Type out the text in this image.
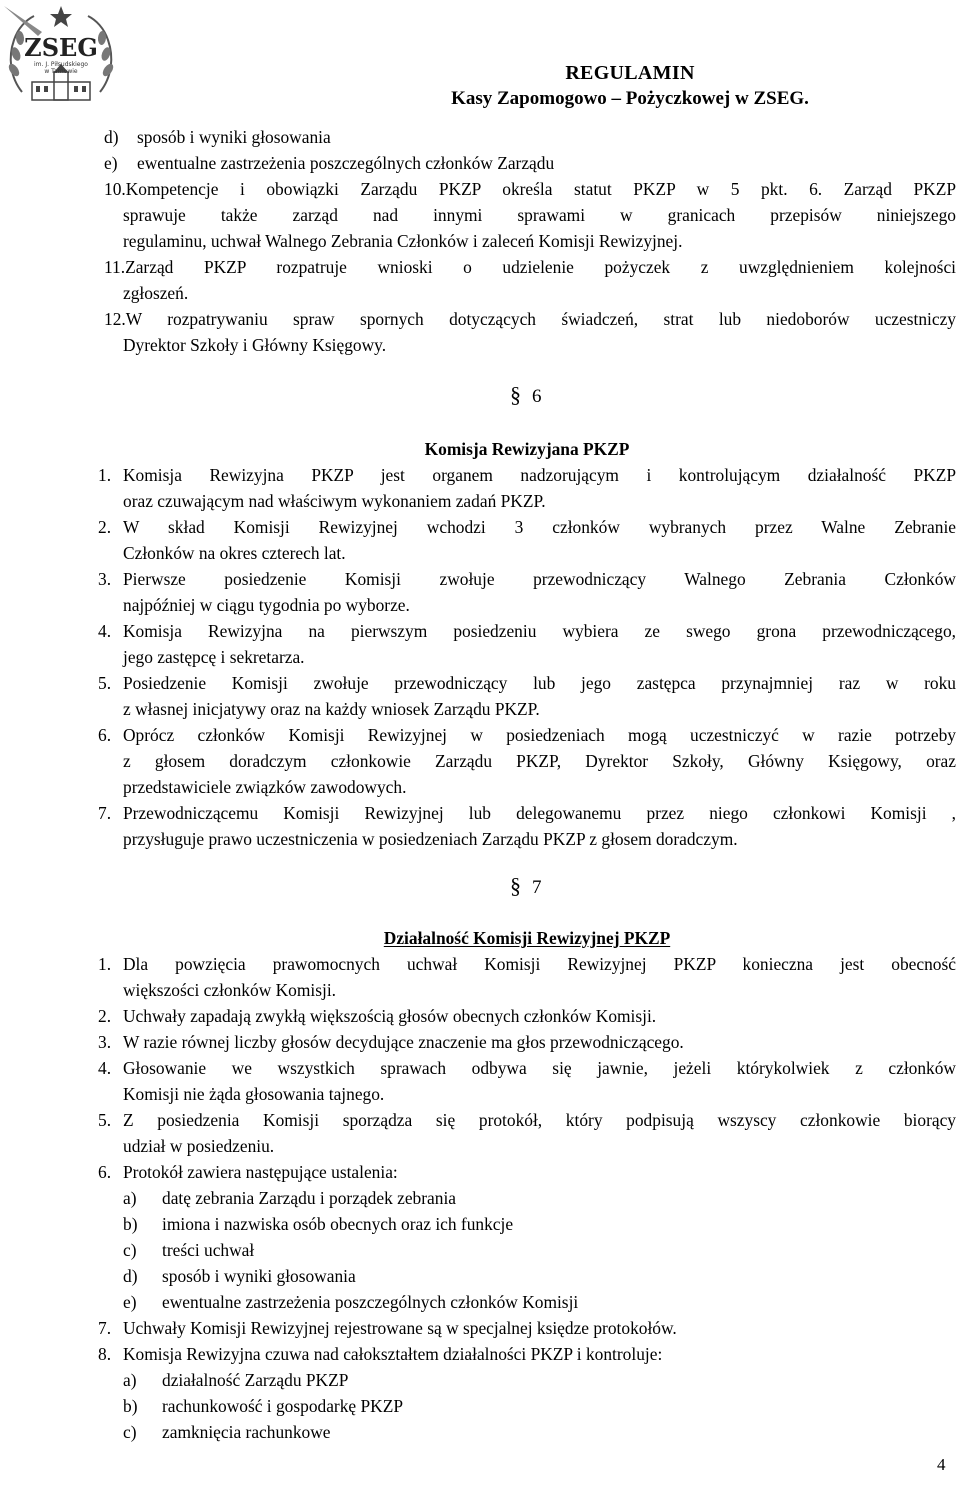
ZSEG
im. J. Piłsudskiego
w Tarnowie	REGULAMIN
Kasy Zapomogowo – Pożyczkowej w ZSEG.
d) sposób i wyniki głosowania
e) ewentualne zastrzeżenia poszczególnych członków Zarządu
10.Kompetencje i obowiązki Zarządu PKZP określa statut PKZP w 5 pkt. 6. Zarząd PKZP
sprawuje także zarząd nad innymi sprawami w granicach przepisów niniejszego
regulaminu, uchwał Walnego Zebrania Członków i zaleceń Komisji Rewizyjnej.
11.Zarząd PKZP rozpatruje wnioski o udzielenie pożyczek z uwzględnieniem kolejności
zgłoszeń.
12.W rozpatrywaniu spraw spornych dotyczących świadczeń, strat lub niedoborów uczestniczy
Dyrektor Szkoły i Główny Księgowy.
§ 6
Komisja Rewizyjana PKZP
1. Komisja Rewizyjna PKZP jest organem nadzorującym i kontrolującym działalność PKZP
oraz czuwającym nad właściwym wykonaniem zadań PKZP.
2. W skład Komisji Rewizyjnej wchodzi 3 członków wybranych przez Walne Zebranie
Członków na okres czterech lat.
3. Pierwsze posiedzenie Komisji zwołuje przewodniczący Walnego Zebrania Członków
najpóźniej w ciągu tygodnia po wyborze.
4. Komisja Rewizyjna na pierwszym posiedzeniu wybiera ze swego grona przewodniczącego,
jego zastępcę i sekretarza.
5. Posiedzenie Komisji zwołuje przewodniczący lub jego zastępca przynajmniej raz w roku
z własnej inicjatywy oraz na każdy wniosek Zarządu PKZP.
6. Oprócz członków Komisji Rewizyjnej w posiedzeniach mogą uczestniczyć w razie potrzeby
z głosem doradczym członkowie Zarządu PKZP, Dyrektor Szkoły, Główny Księgowy, oraz
przedstawiciele związków zawodowych.
7. Przewodniczącemu Komisji Rewizyjnej lub delegowanemu przez niego członkowi Komisji ,
przysługuje prawo uczestniczenia w posiedzeniach Zarządu PKZP z głosem doradczym.
§ 7
Działalność Komisji Rewizyjnej PKZP
1. Dla powzięcia prawomocnych uchwał Komisji Rewizyjnej PKZP konieczna jest obecność
większości członków Komisji.
2. Uchwały zapadają zwykłą większością głosów obecnych członków Komisji.
3. W razie równej liczby głosów decydujące znaczenie ma głos przewodniczącego.
4. Głosowanie we wszystkich sprawach odbywa się jawnie, jeżeli którykolwiek z członków
Komisji nie żąda głosowania tajnego.
5. Z posiedzenia Komisji sporządza się protokół, który podpisują wszyscy członkowie biorący
udział w posiedzeniu.
6. Protokół zawiera następujące ustalenia:
a) datę zebrania Zarządu i porządek zebrania
b) imiona i nazwiska osób obecnych oraz ich funkcje
c) treści uchwał
d) sposób i wyniki głosowania
e) ewentualne zastrzeżenia poszczególnych członków Komisji
7. Uchwały Komisji Rewizyjnej rejestrowane są w specjalnej księdze protokołów.
8. Komisja Rewizyjna czuwa nad całokształtem działalności PKZP i kontroluje:
a) działalność Zarządu PKZP
b) rachunkowość i gospodarkę PKZP
c) zamknięcia rachunkowe
4
